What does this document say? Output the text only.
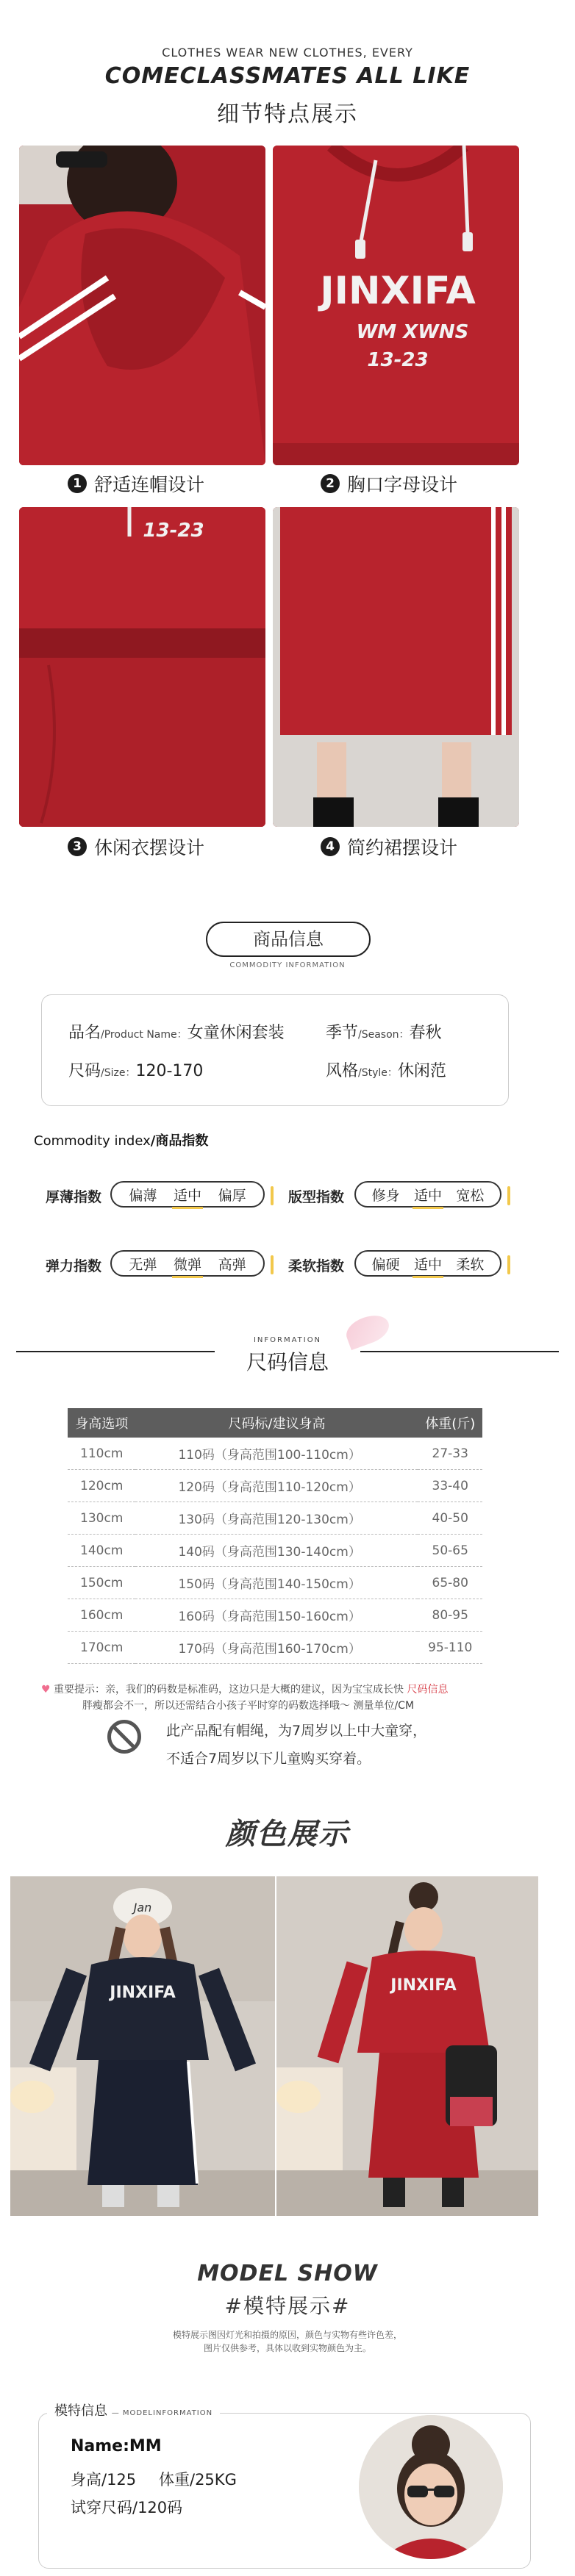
CLOTHES WEAR NEW CLOTHES, EVERY
COMECLASSMATES ALL LIKE
细节特点展示
JINXIFA
WM XWNS
13-23
1 舒适连帽设计	2 胸口字母设计
13-23
3 休闲衣摆设计	4 简约裙摆设计
商品信息
COMMODITY INFORMATION
品名/Product Name：女童休闲套装	季节/Season：春秋
尺码/Size：120-170	风格/Style：休闲范
Commodity index/商品指数
厚薄指数 偏薄 适中 偏厚	版型指数 修身 适中 宽松
弹力指数 无弹 微弹 高弹	柔软指数 偏硬 适中 柔软
INFORMATION
尺码信息
身高选项	尺码标/建议身高	体重(斤)
110cm	110码（身高范围100-110cm）	27-33
120cm	120码（身高范围110-120cm）	33-40
130cm	130码（身高范围120-130cm）	40-50
140cm	140码（身高范围130-140cm）	50-65
150cm	150码（身高范围140-150cm）	65-80
160cm	160码（身高范围150-160cm）	80-95
170cm	170码（身高范围160-170cm）	95-110
♥ 重要提示：亲，我们的码数是标准码，这边只是大概的建议，因为宝宝成长快 尺码信息
胖瘦都会不一，所以还需结合小孩子平时穿的码数选择哦～ 测量单位/CM
此产品配有帽绳，为7周岁以上中大童穿，
不适合7周岁以下儿童购买穿着。
颜色展示
Jan
JINXIFA	JINXIFA
MODEL SHOW
#模特展示#
模特展示图因灯光和拍摄的原因，颜色与实物有些许色差，
图片仅供参考，具体以收到实物颜色为主。
模特信息 — MODELINFORMATION
Name:MM
身高/125 体重/25KG
试穿尺码/120码
